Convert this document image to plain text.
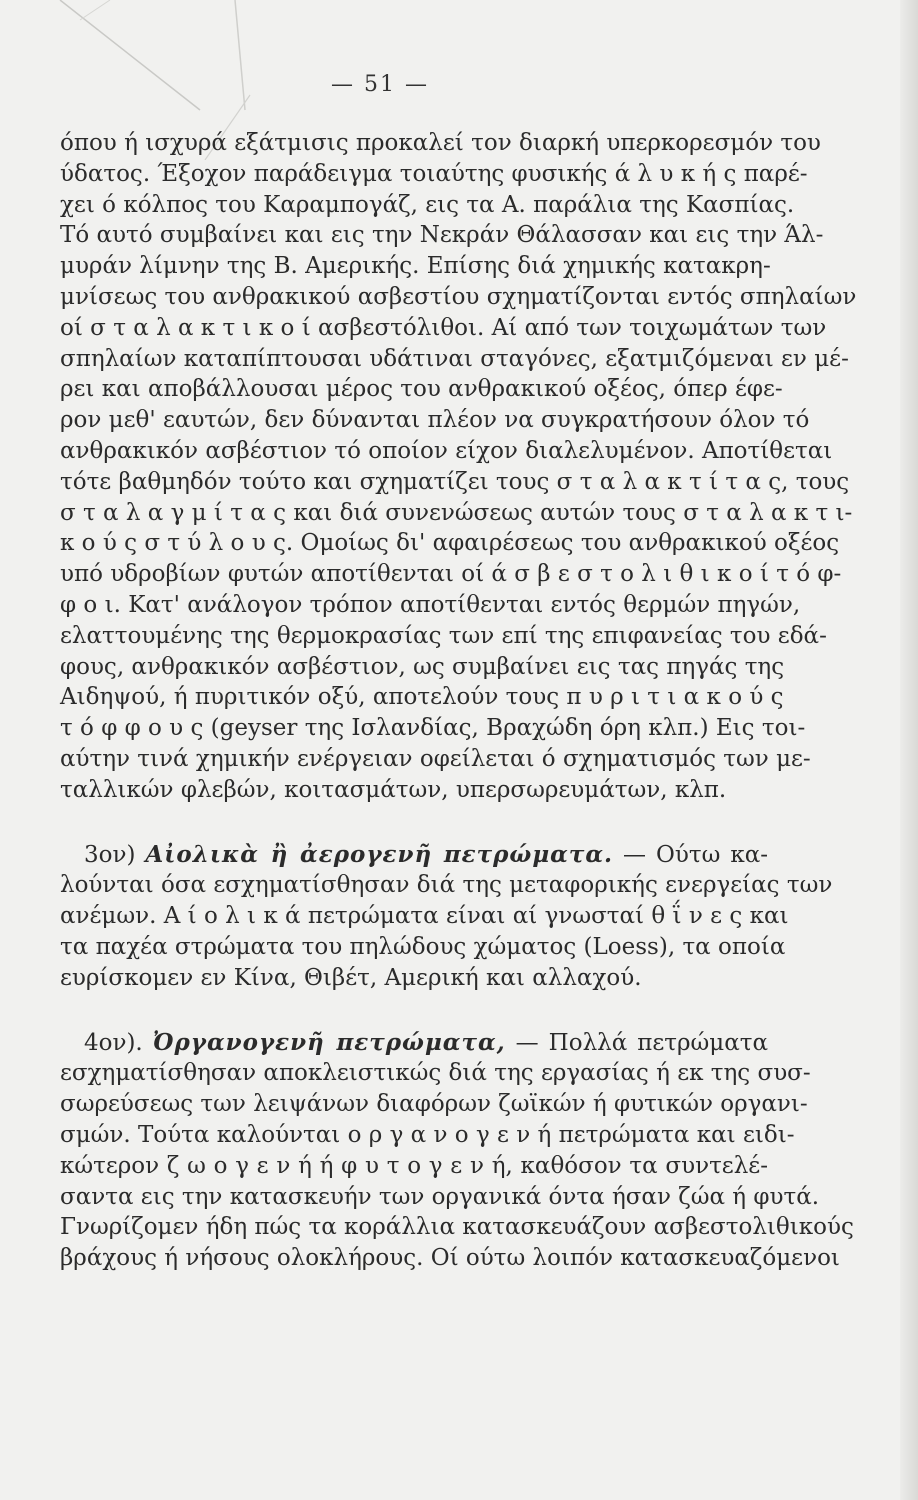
— 51 —
όπου ή ισχυρά εξάτμισις προκαλεί τον διαρκή υπερκορεσμόν του
ύδατος. Έξοχον παράδειγμα τοιαύτης φυσικής ά λ υ κ ή ς παρέ-
χει ό κόλπος του Καραμπογάζ, εις τα Α. παράλια της Κασπίας.
Τό αυτό συμβαίνει και εις την Νεκράν Θάλασσαν και εις την Άλ-
μυράν λίμνην της Β. Αμερικής. Επίσης διά χημικής κατακρη-
μνίσεως του ανθρακικού ασβεστίου σχηματίζονται εντός σπηλαίων
οί σ τ α λ α κ τ ι κ ο ί ασβεστόλιθοι. Αί από των τοιχωμάτων των
σπηλαίων καταπίπτουσαι υδάτιναι σταγόνες, εξατμιζόμεναι εν μέ-
ρει και αποβάλλουσαι μέρος του ανθρακικού οξέος, όπερ έφε-
ρον μεθ' εαυτών, δεν δύνανται πλέον να συγκρατήσουν όλον τό
ανθρακικόν ασβέστιον τό οποίον είχον διαλελυμένον. Αποτίθεται
τότε βαθμηδόν τούτο και σχηματίζει τους σ τ α λ α κ τ ί τ α ς, τους
σ τ α λ α γ μ ί τ α ς και διά συνενώσεως αυτών τους σ τ α λ α κ τ ι-
κ ο ύ ς σ τ ύ λ ο υ ς. Ομοίως δι' αφαιρέσεως του ανθρακικού οξέος
υπό υδροβίων φυτών αποτίθενται οί ά σ β ε σ τ ο λ ι θ ι κ ο ί τ ό φ-
φ ο ι. Κατ' ανάλογον τρόπον αποτίθενται εντός θερμών πηγών,
ελαττουμένης της θερμοκρασίας των επί της επιφανείας του εδά-
φους, ανθρακικόν ασβέστιον, ως συμβαίνει εις τας πηγάς της
Αιδηψού, ή πυριτικόν οξύ, αποτελούν τους π υ ρ ι τ ι α κ ο ύ ς
τ ό φ φ ο υ ς (geyser της Ισλανδίας, Βραχώδη όρη κλπ.) Εις τοι-
αύτην τινά χημικήν ενέργειαν οφείλεται ό σχηματισμός των με-
ταλλικών φλεβών, κοιτασμάτων, υπερσωρευμάτων, κλπ.
3ον) Αἰολικὰ ἢ ἀερογενῆ πετρώματα. — Ούτω κα-
λούνται όσα εσχηματίσθησαν διά της μεταφορικής ενεργείας των
ανέμων. Α ί ο λ ι κ ά πετρώματα είναι αί γνωσταί θ ΐ ν ε ς και
τα παχέα στρώματα του πηλώδους χώματος (Loess), τα οποία
ευρίσκομεν εν Κίνα, Θιβέτ, Αμερική και αλλαχού.
4ον). Ὀργανογενῆ πετρώματα, — Πολλά πετρώματα
εσχηματίσθησαν αποκλειστικώς διά της εργασίας ή εκ της συσ-
σωρεύσεως των λειψάνων διαφόρων ζωϊκών ή φυτικών οργανι-
σμών. Τούτα καλούνται ο ρ γ α ν ο γ ε ν ή πετρώματα και ειδι-
κώτερον ζ ω ο γ ε ν ή ή φ υ τ ο γ ε ν ή, καθόσον τα συντελέ-
σαντα εις την κατασκευήν των οργανικά όντα ήσαν ζώα ή φυτά.
Γνωρίζομεν ήδη πώς τα κοράλλια κατασκευάζουν ασβεστολιθικούς
βράχους ή νήσους ολοκλήρους. Οί ούτω λοιπόν κατασκευαζόμενοι
